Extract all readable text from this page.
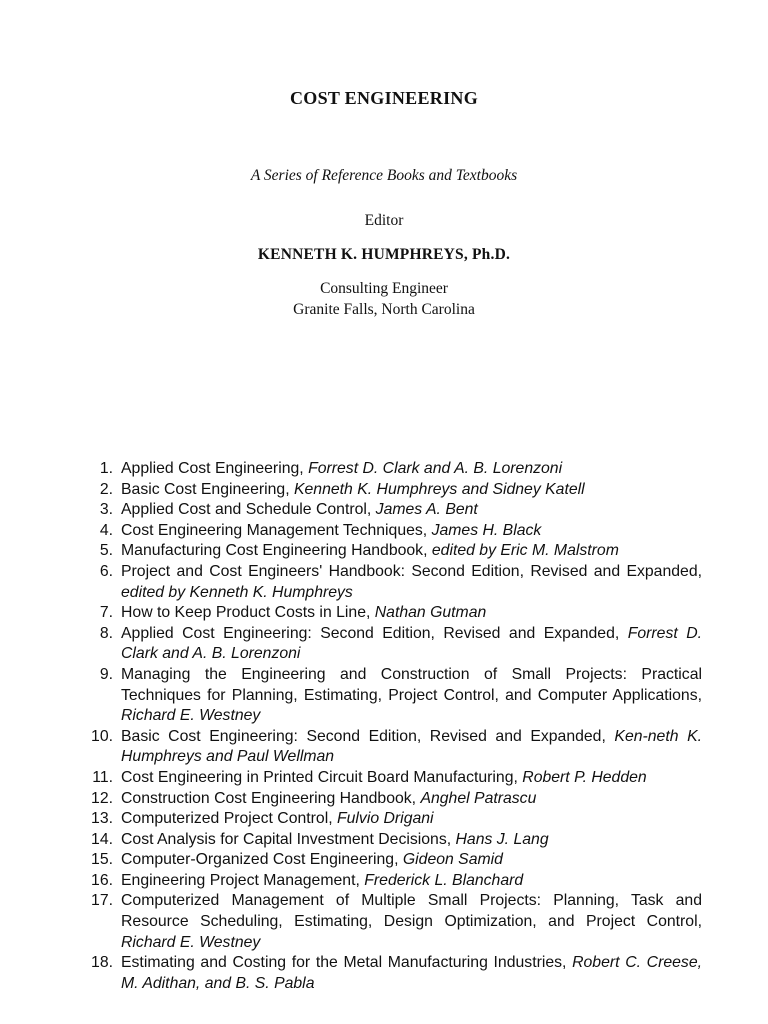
COST ENGINEERING
A Series of Reference Books and Textbooks
Editor
KENNETH K. HUMPHREYS, Ph.D.
Consulting Engineer
Granite Falls, North Carolina
1. Applied Cost Engineering, Forrest D. Clark and A. B. Lorenzoni
2. Basic Cost Engineering, Kenneth K. Humphreys and Sidney Katell
3. Applied Cost and Schedule Control, James A. Bent
4. Cost Engineering Management Techniques, James H. Black
5. Manufacturing Cost Engineering Handbook, edited by Eric M. Malstrom
6. Project and Cost Engineers' Handbook: Second Edition, Revised and Expanded, edited by Kenneth K. Humphreys
7. How to Keep Product Costs in Line, Nathan Gutman
8. Applied Cost Engineering: Second Edition, Revised and Expanded, Forrest D. Clark and A. B. Lorenzoni
9. Managing the Engineering and Construction of Small Projects: Practical Techniques for Planning, Estimating, Project Control, and Computer Applications, Richard E. Westney
10. Basic Cost Engineering: Second Edition, Revised and Expanded, Ken-neth K. Humphreys and Paul Wellman
11. Cost Engineering in Printed Circuit Board Manufacturing, Robert P. Hedden
12. Construction Cost Engineering Handbook, Anghel Patrascu
13. Computerized Project Control, Fulvio Drigani
14. Cost Analysis for Capital Investment Decisions, Hans J. Lang
15. Computer-Organized Cost Engineering, Gideon Samid
16. Engineering Project Management, Frederick L. Blanchard
17. Computerized Management of Multiple Small Projects: Planning, Task and Resource Scheduling, Estimating, Design Optimization, and Project Control, Richard E. Westney
18. Estimating and Costing for the Metal Manufacturing Industries, Robert C. Creese, M. Adithan, and B. S. Pabla
